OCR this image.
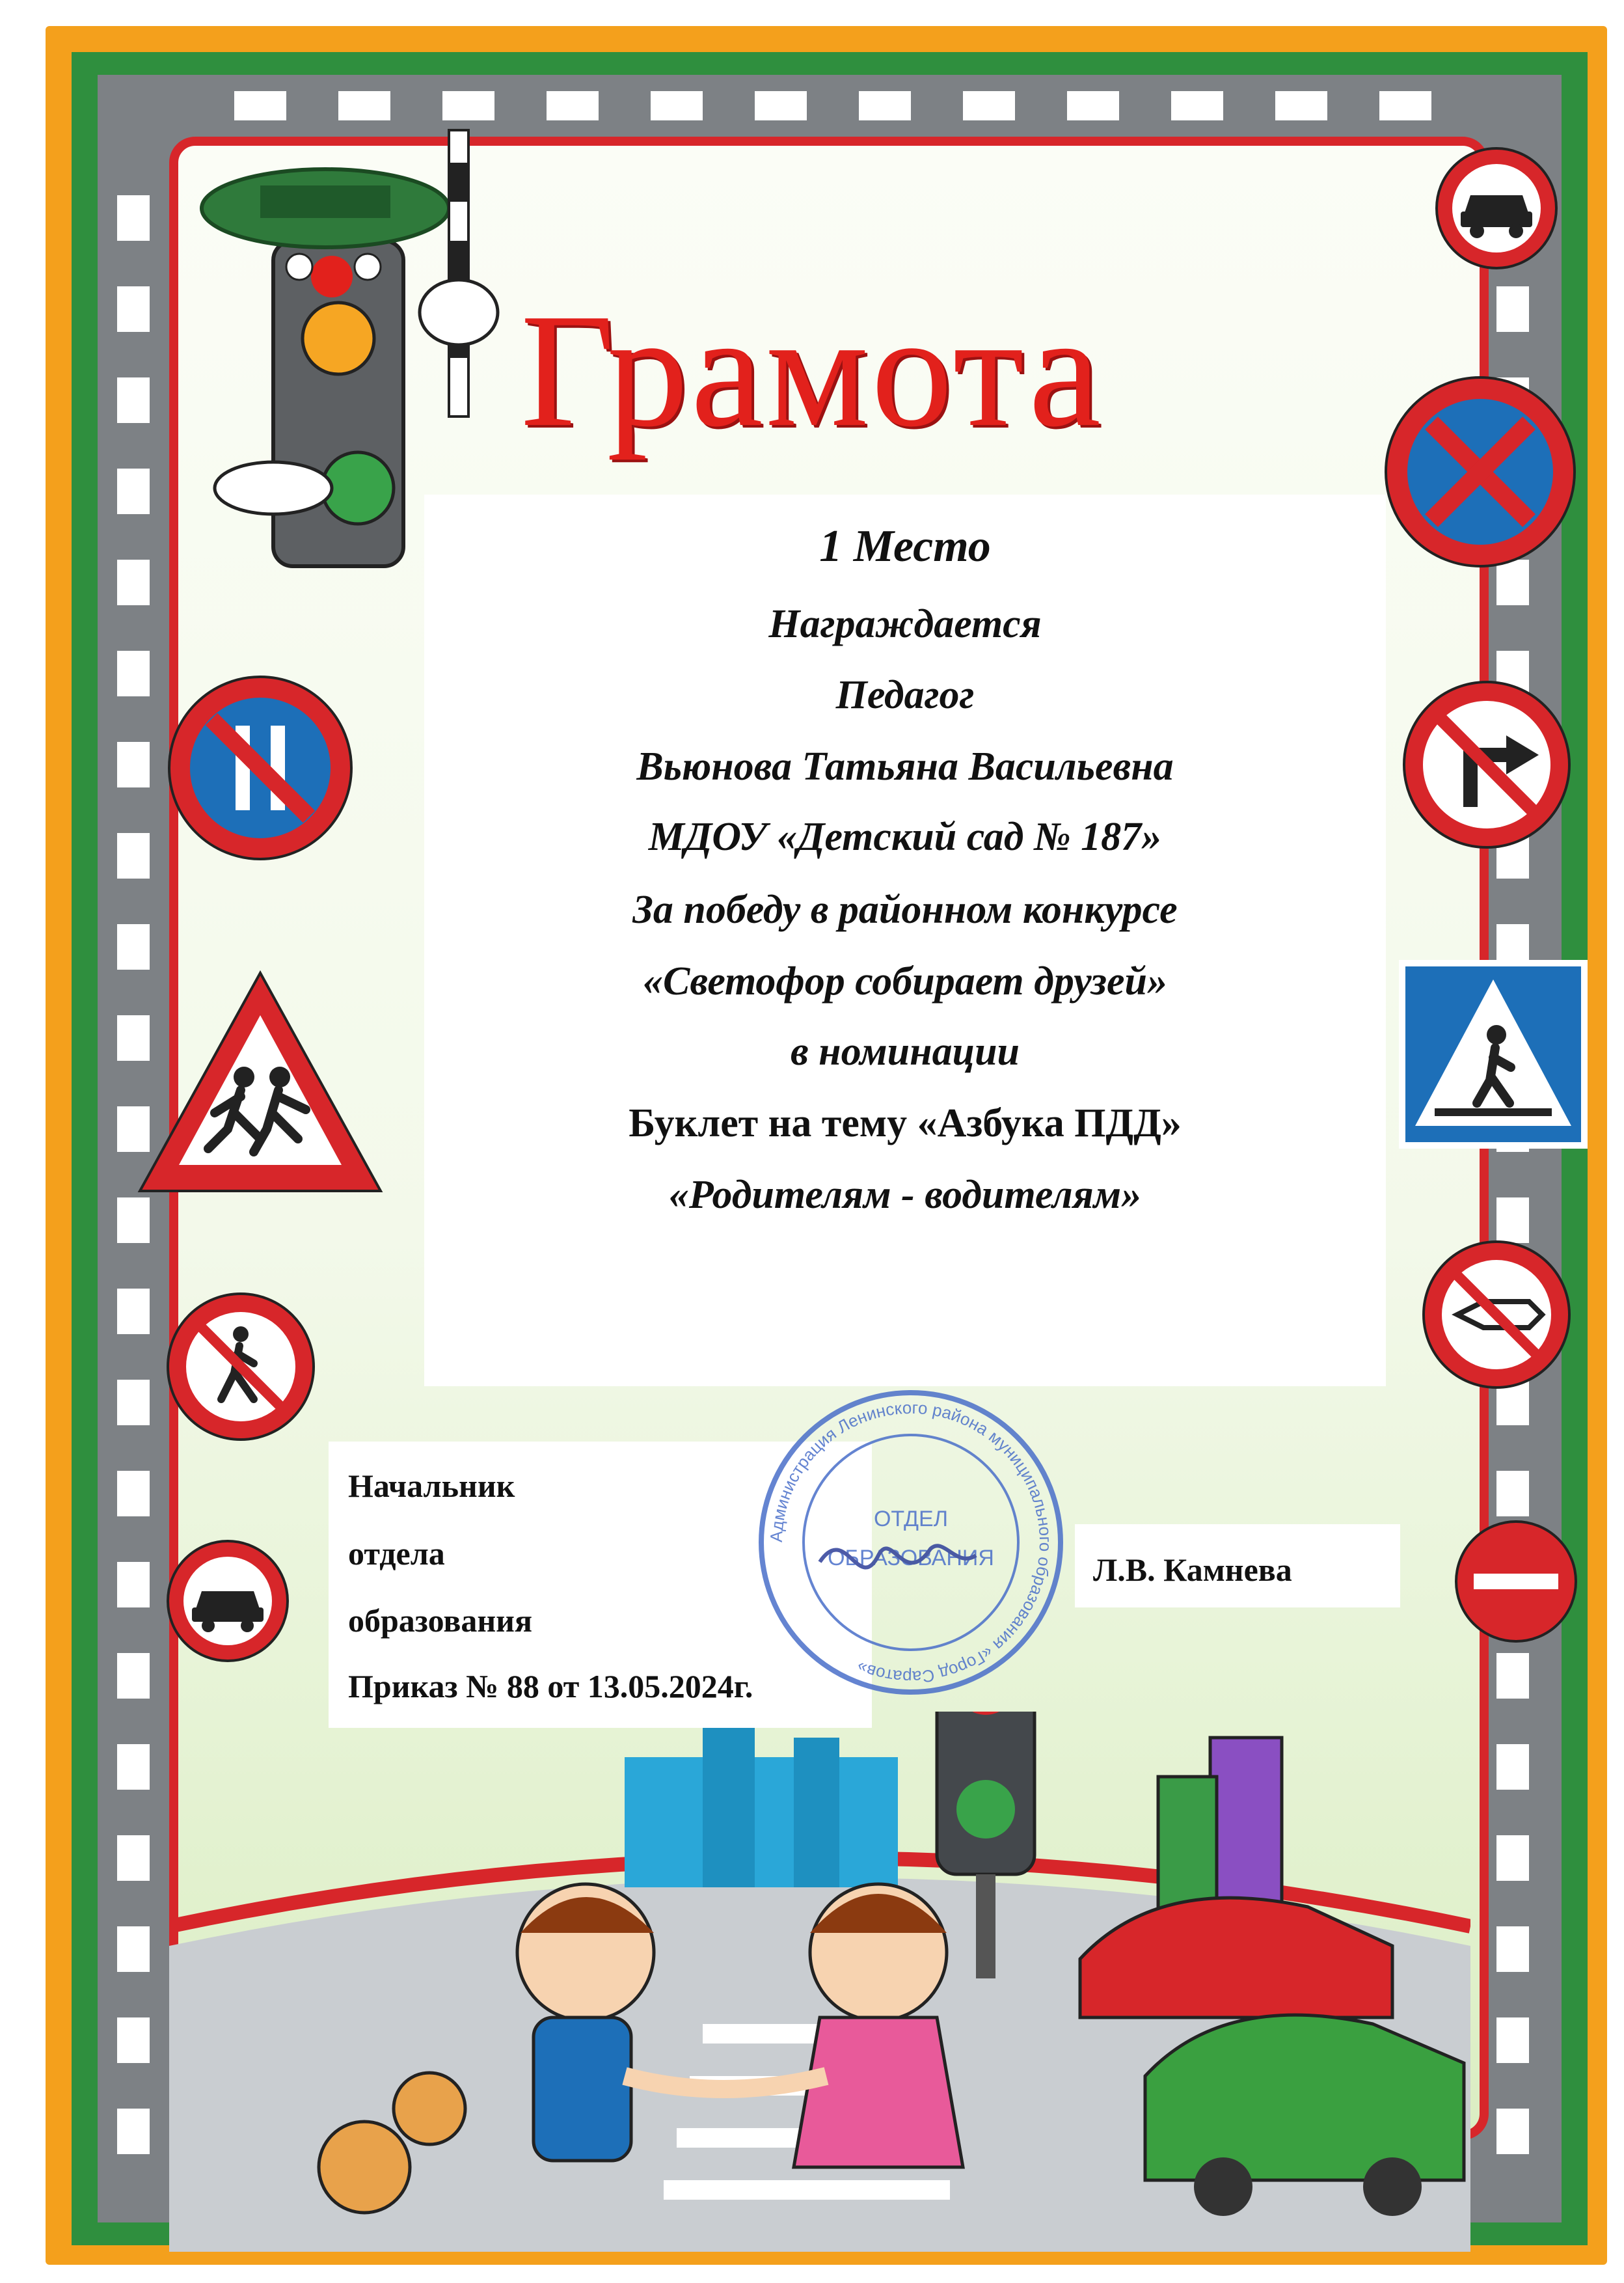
Грамота
1 Место
Награждается
Педагог
Вьюнова Татьяна Васильевна
МДОУ «Детский сад № 187»
За победу в районном конкурсе
«Светофор собирает друзей»
в номинации
Буклет на тему «Азбука ПДД»
«Родителям - водителям»
Начальник
отдела
образования
Приказ № 88 от 13.05.2024г.
Л.В. Камнева
Администрация Ленинского района муниципального образования «Город Саратов»
ОТДЕЛ
ОБРАЗОВАНИЯ
